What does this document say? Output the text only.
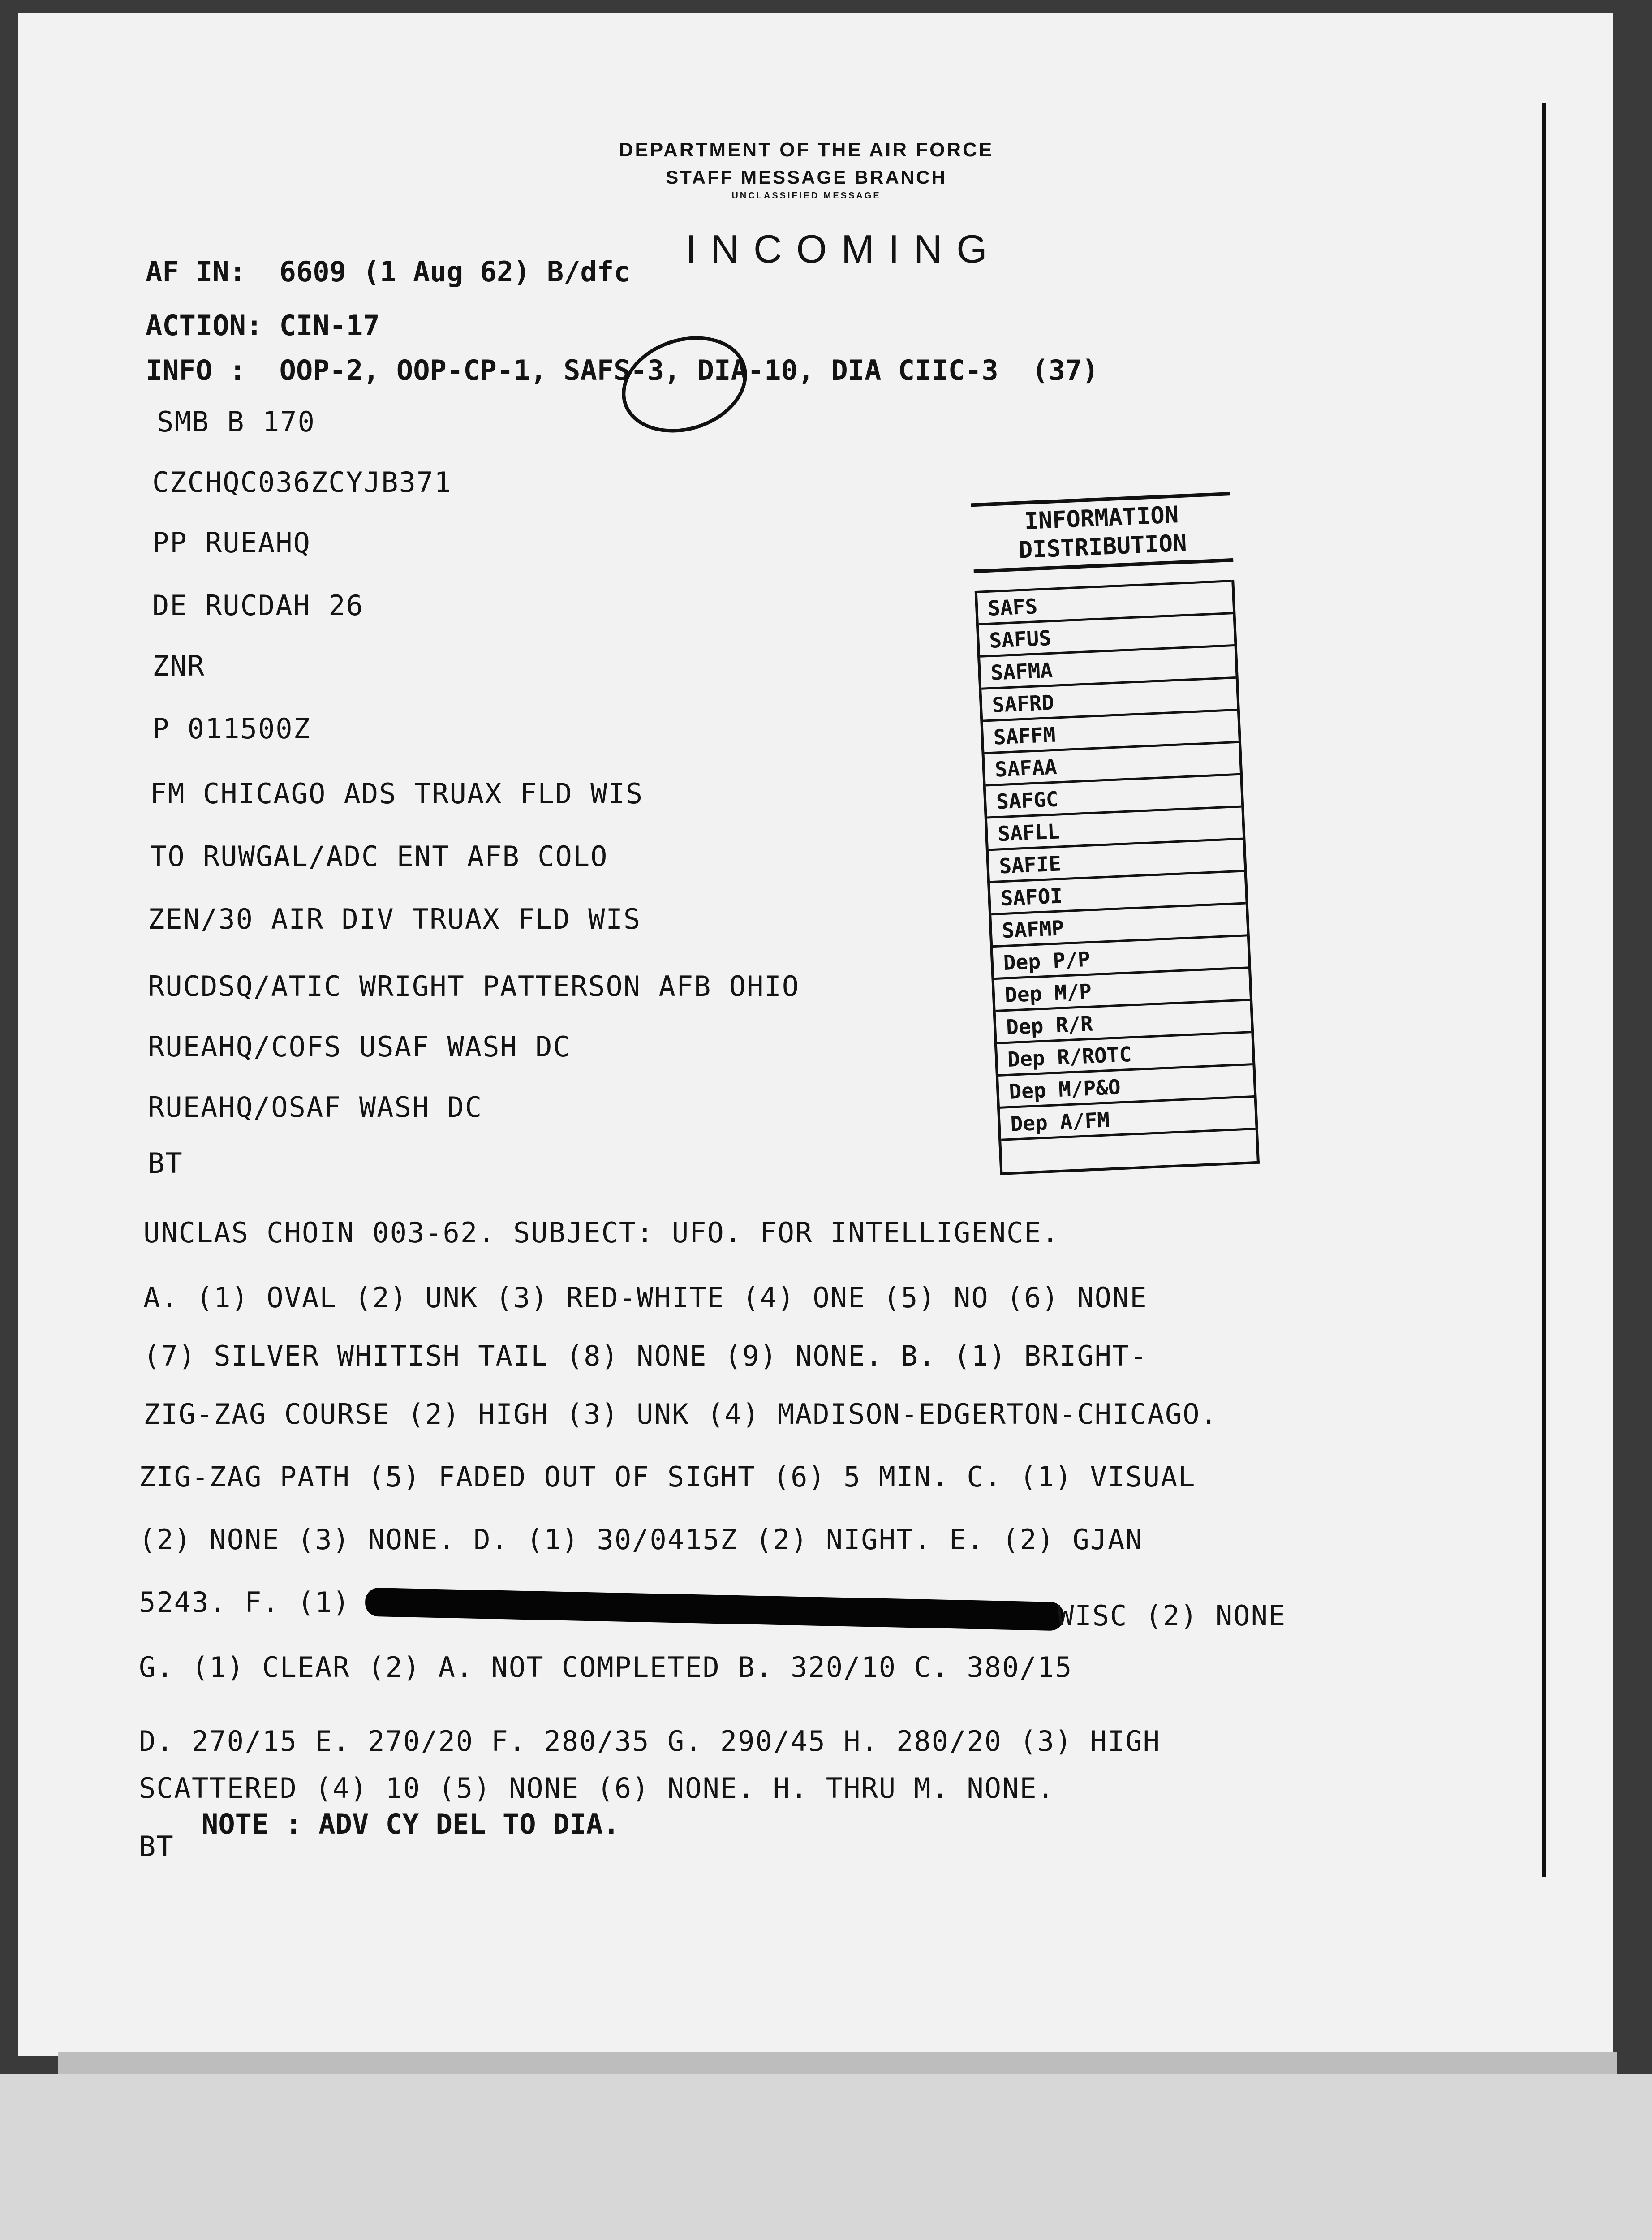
DEPARTMENT OF THE AIR FORCE
STAFF MESSAGE BRANCH
UNCLASSIFIED MESSAGE
INCOMING
AF IN:  6609 (1 Aug 62) B/dfc
ACTION: CIN-17
INFO :  OOP-2, OOP-CP-1, SAFS-3, DIA-10, DIA CIIC-3  (37)
SMB B 170
CZCHQC036ZCYJB371
PP RUEAHQ
DE RUCDAH 26
ZNR
P 011500Z
FM CHICAGO ADS TRUAX FLD WIS
TO RUWGAL/ADC ENT AFB COLO
ZEN/30 AIR DIV TRUAX FLD WIS
RUCDSQ/ATIC WRIGHT PATTERSON AFB OHIO
RUEAHQ/COFS USAF WASH DC
RUEAHQ/OSAF WASH DC
BT
UNCLAS CHOIN 003-62. SUBJECT: UFO. FOR INTELLIGENCE.
A. (1) OVAL (2) UNK (3) RED-WHITE (4) ONE (5) NO (6) NONE
(7) SILVER WHITISH TAIL (8) NONE (9) NONE. B. (1) BRIGHT-
ZIG-ZAG COURSE (2) HIGH (3) UNK (4) MADISON-EDGERTON-CHICAGO.
ZIG-ZAG PATH (5) FADED OUT OF SIGHT (6) 5 MIN. C. (1) VISUAL
(2) NONE (3) NONE. D. (1) 30/0415Z (2) NIGHT. E. (2) GJAN
5243. F. (1)	WISC (2) NONE
G. (1) CLEAR (2) A. NOT COMPLETED B. 320/10 C. 380/15
D. 270/15 E. 270/20 F. 280/35 G. 290/45 H. 280/20 (3) HIGH
SCATTERED (4) 10 (5) NONE (6) NONE. H. THRU M. NONE.
NOTE : ADV CY DEL TO DIA.
BT
INFORMATION
DISTRIBUTION
SAFS
SAFUS
SAFMA
SAFRD
SAFFM
SAFAA
SAFGC
SAFLL
SAFIE
SAFOI
SAFMP
Dep P/P
Dep M/P
Dep R/R
Dep R/ROTC
Dep M/P&O
Dep A/FM
